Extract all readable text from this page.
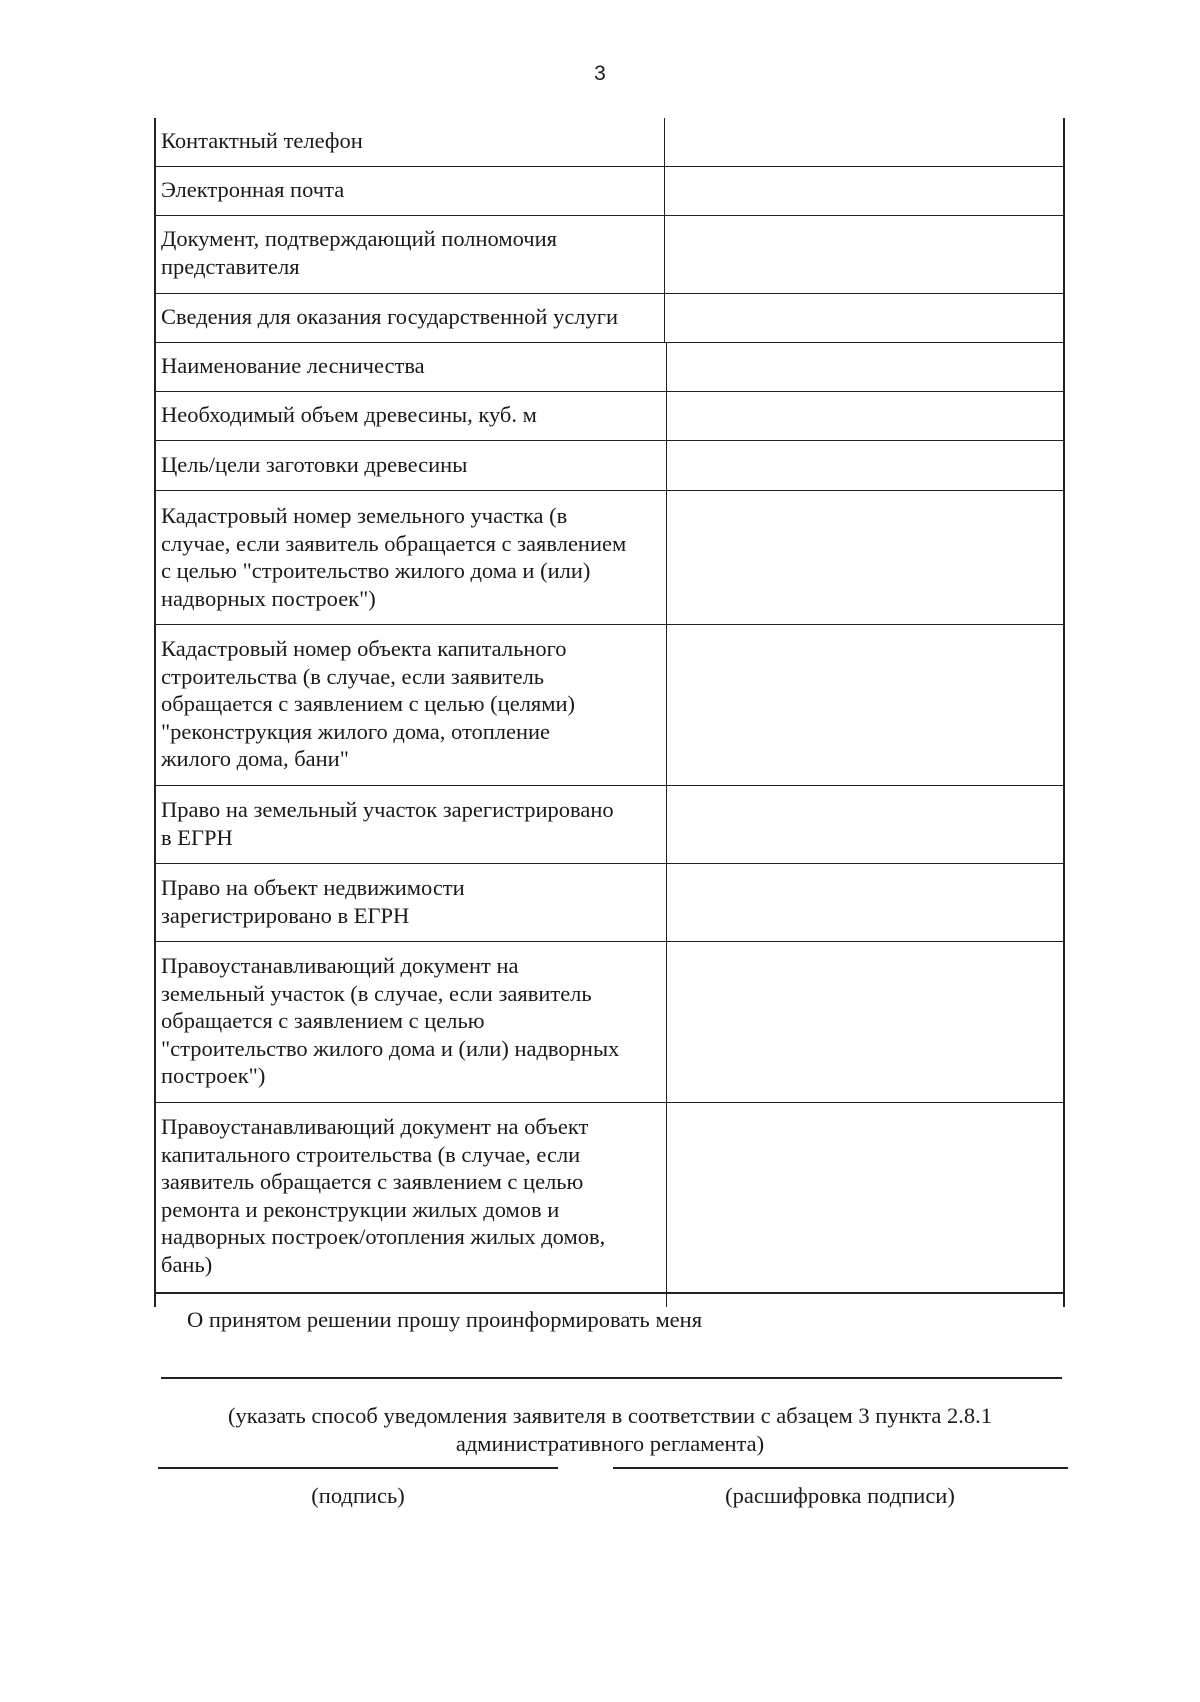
3
Контактный телефон
Электронная почта
Документ, подтверждающий полномочия
представителя
Сведения для оказания государственной услуги
Наименование лесничества
Необходимый объем древесины, куб. м
Цель/цели заготовки древесины
Кадастровый номер земельного участка (в
случае, если заявитель обращается с заявлением
с целью "строительство жилого дома и (или)
надворных построек")
Кадастровый номер объекта капитального
строительства (в случае, если заявитель
обращается с заявлением с целью (целями)
"реконструкция жилого дома, отопление
жилого дома, бани"
Право на земельный участок зарегистрировано
в ЕГРН
Право на объект недвижимости
зарегистрировано в ЕГРН
Правоустанавливающий документ на
земельный участок (в случае, если заявитель
обращается с заявлением с целью
"строительство жилого дома и (или) надворных
построек")
Правоустанавливающий документ на объект
капитального строительства (в случае, если
заявитель обращается с заявлением с целью
ремонта и реконструкции жилых домов и
надворных построек/отопления жилых домов,
бань)
О принятом решении прошу проинформировать меня
(указать способ уведомления заявителя в соответствии с абзацем 3 пункта 2.8.1
административного регламента)
(подпись)	(расшифровка подписи)
